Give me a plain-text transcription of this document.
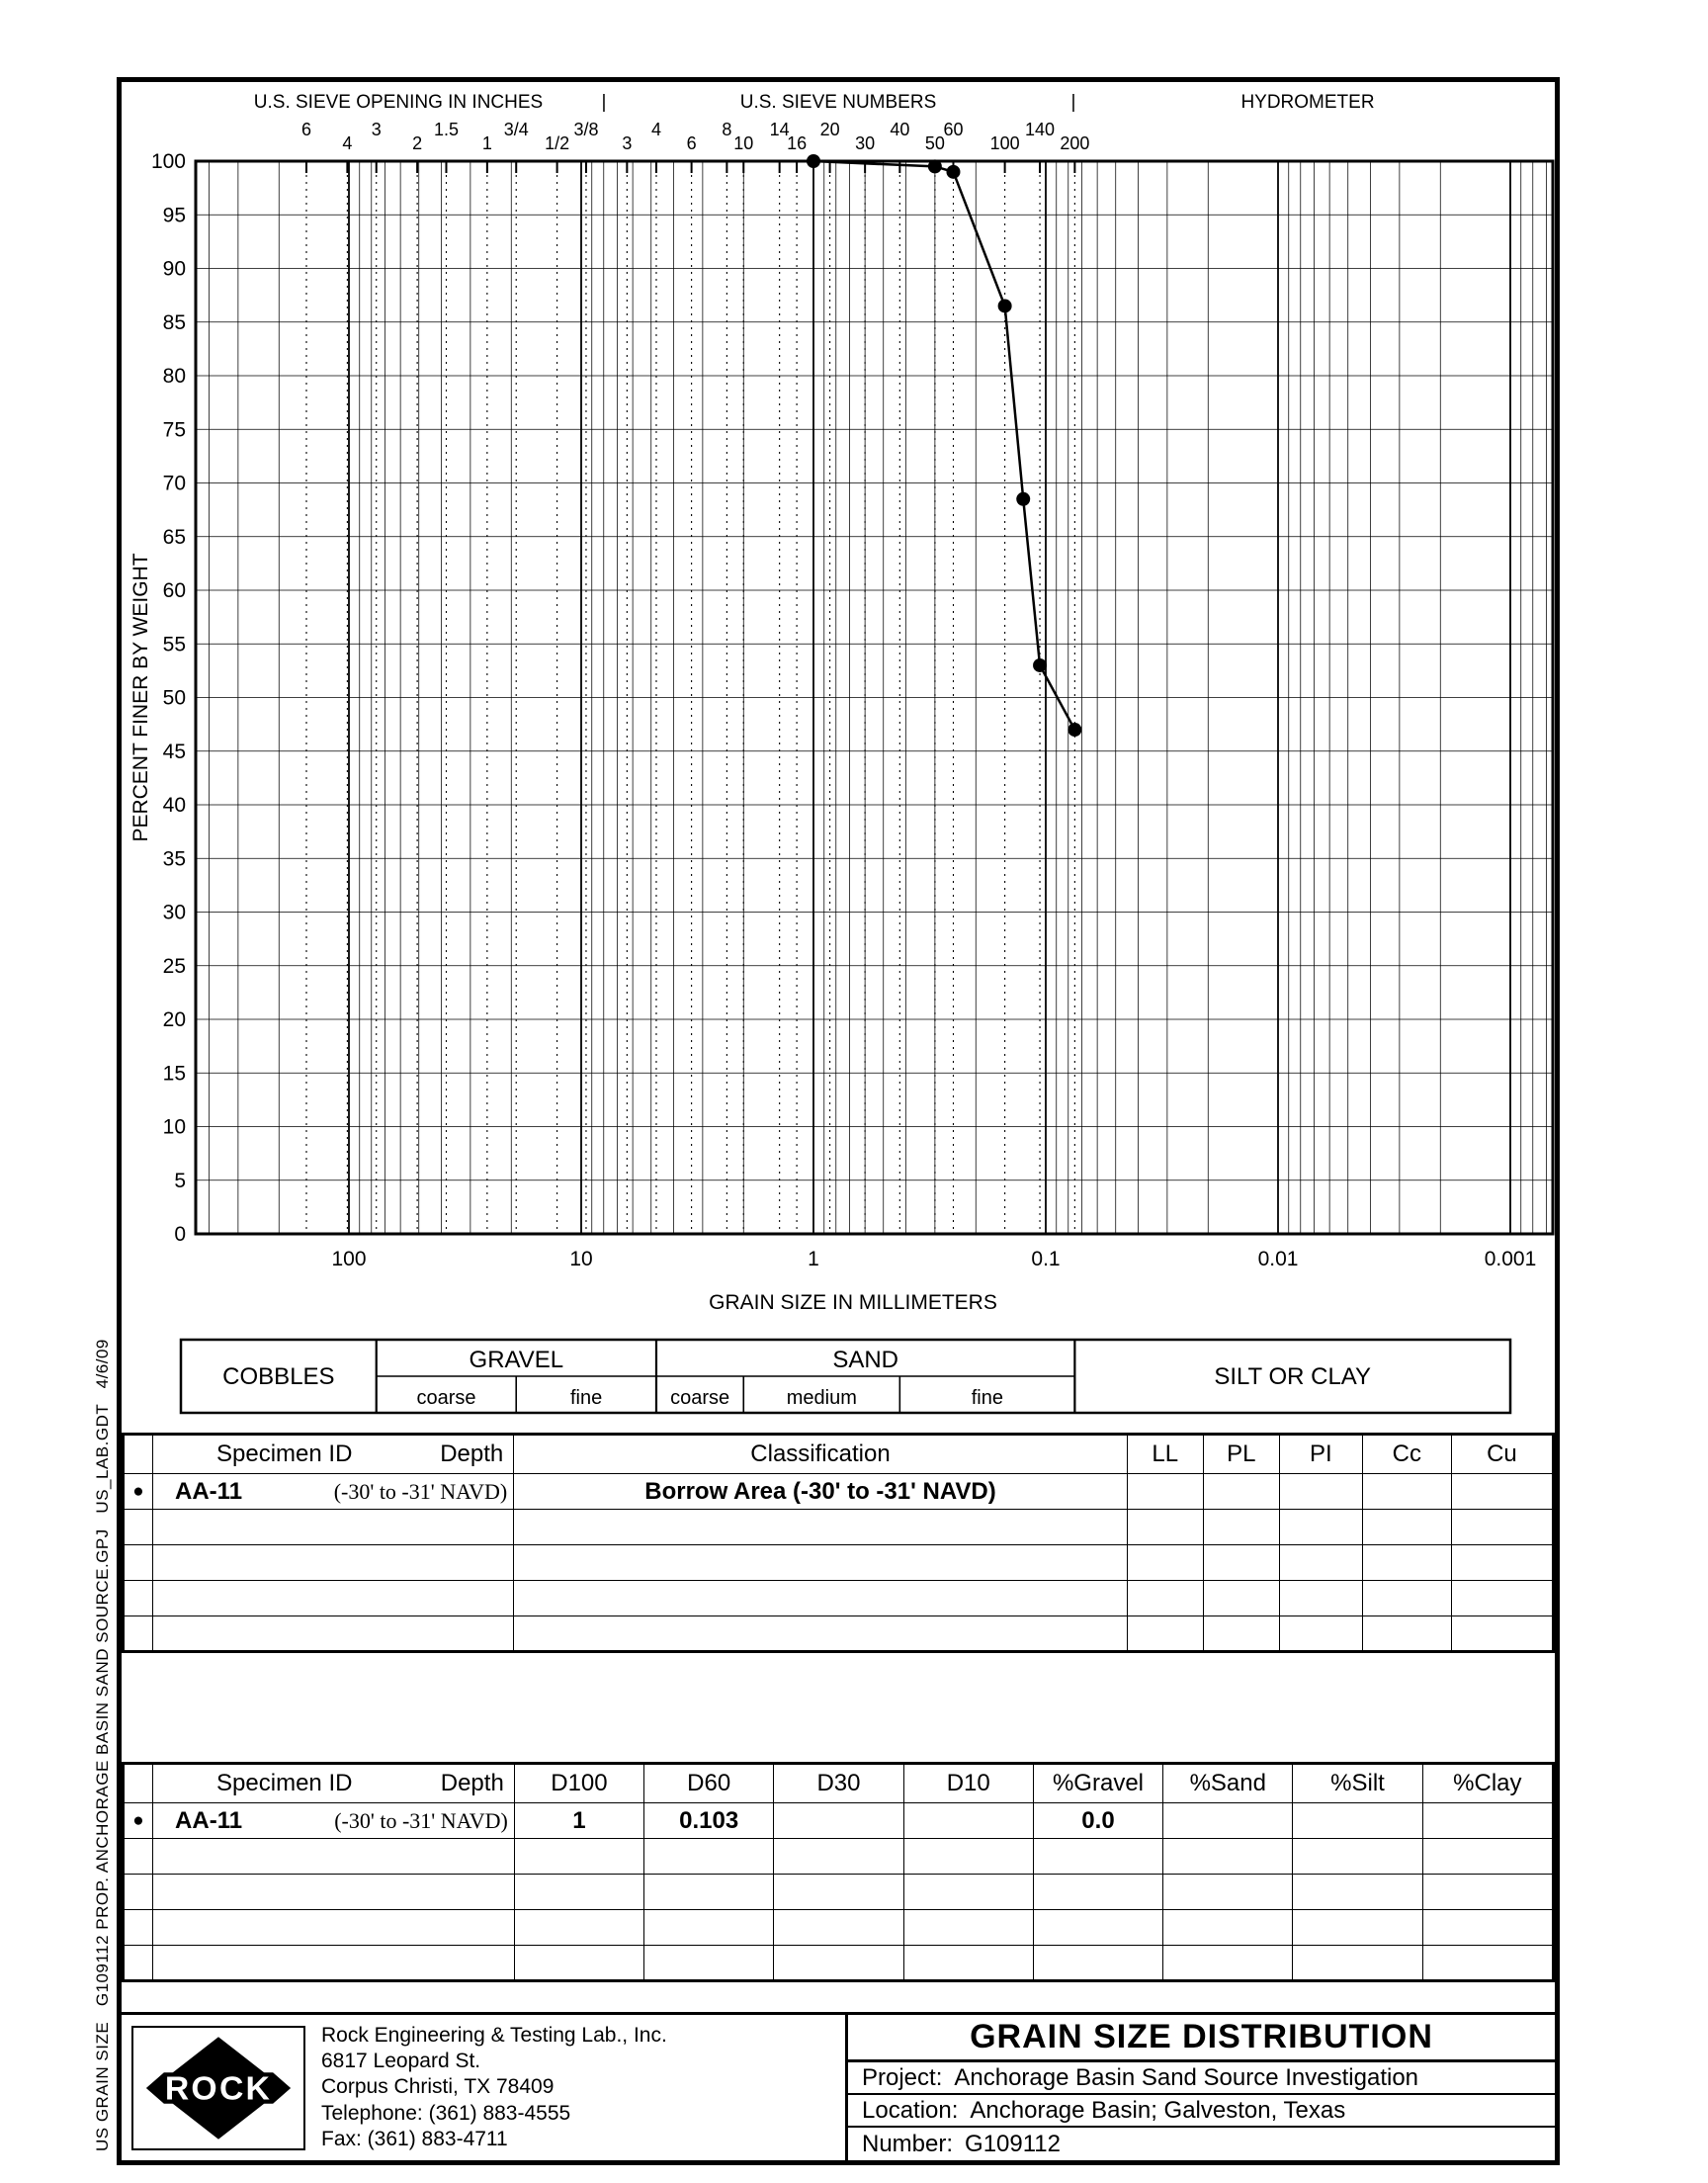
US GRAIN SIZE   G109112 PROP. ANCHORAGE BASIN SAND SOURCE.GPJ   US_LAB.GDT   4/6/09
0
5
10
15
20
25
30
35
40
45
50
55
60
65
70
75
80
85
90
95
100
6
4
3
2
1.5
1
3/4
1/2
3/8
3
4
6
8
10
14
16
20
30
40
50
60
100
140
200
U.S. SIEVE OPENING IN INCHES	U.S. SIEVE NUMBERS	HYDROMETER
|	|
PERCENT FINER BY WEIGHT
100	10	1	0.1	0.01	0.001
GRAIN SIZE IN MILLIMETERS
COBBLES
GRAVEL
coarse	fine
SAND
coarse	medium	fine
SILT OR CLAY

	Specimen ID Depth	Classification	LL	PL	PI	Cc	Cu
●	AA-11 (-30' to -31' NAVD)	Borrow Area (-30' to -31' NAVD)					

	Specimen ID Depth	D100	D60	D30	D10	%Gravel	%Sand	%Silt	%Clay
●	AA-11 (-30' to -31' NAVD)	1	0.103			0.0			

ROCK
Rock Engineering & Testing Lab., Inc.
6817 Leopard St.
Corpus Christi, TX 78409
Telephone: (361) 883-4555
Fax: (361) 883-4711
GRAIN SIZE DISTRIBUTION
Project: Anchorage Basin Sand Source Investigation
Location: Anchorage Basin; Galveston, Texas
Number: G109112
